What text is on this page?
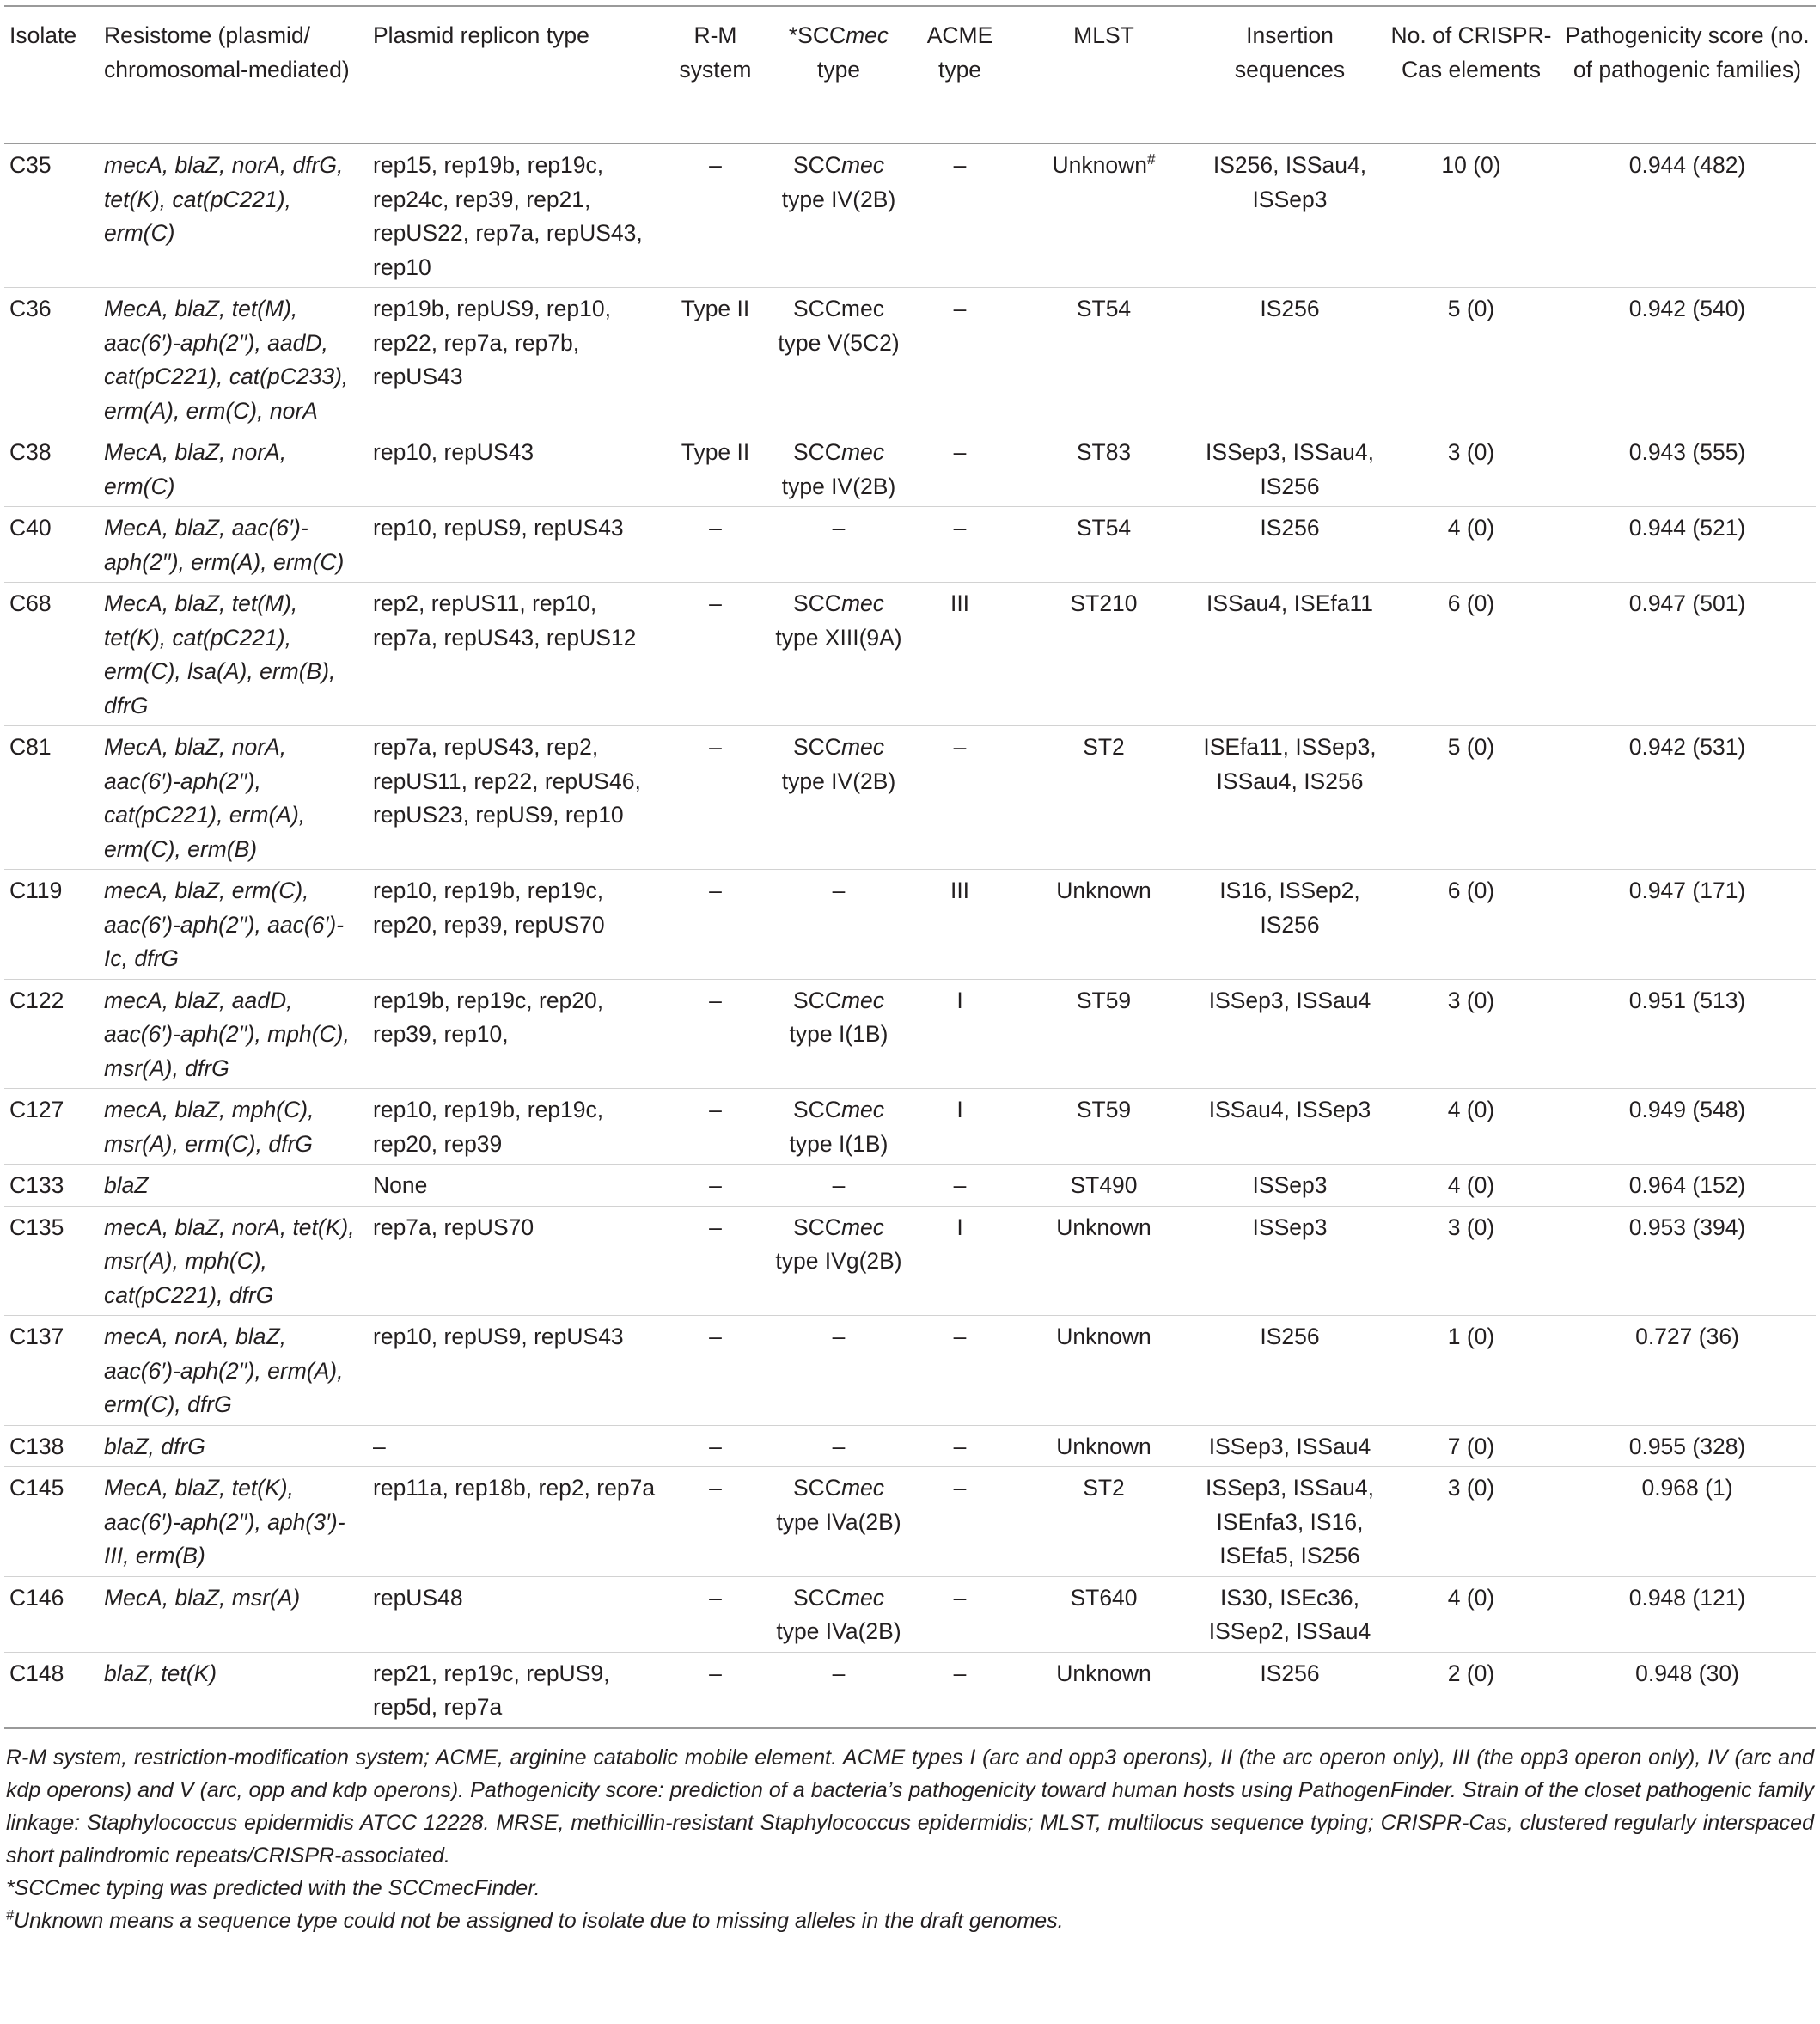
Isolate	Resistome (plasmid/ chromosomal-mediated)	Plasmid replicon type	R-M system	*SCCmec type	ACME type	MLST	Insertion sequences	No. of CRISPR-Cas elements	Pathogenicity score (no. of pathogenic families)
C35	mecA, blaZ, norA, dfrG, tet(K), cat(pC221), erm(C)	rep15, rep19b, rep19c, rep24c, rep39, rep21, repUS22, rep7a, repUS43, rep10	–	SCCmec type IV(2B)	–	Unknown#	IS256, ISSau4, ISSep3	10 (0)	0.944 (482)
C36	MecA, blaZ, tet(M), aac(6′)-aph(2′′), aadD, cat(pC221), cat(pC233), erm(A), erm(C), norA	rep19b, repUS9, rep10, rep22, rep7a, rep7b, repUS43	Type II	SCCmec type V(5C2)	–	ST54	IS256	5 (0)	0.942 (540)
C38	MecA, blaZ, norA, erm(C)	rep10, repUS43	Type II	SCCmec type IV(2B)	–	ST83	ISSep3, ISSau4, IS256	3 (0)	0.943 (555)
C40	MecA, blaZ, aac(6′)-aph(2′′), erm(A), erm(C)	rep10, repUS9, repUS43	–	–	–	ST54	IS256	4 (0)	0.944 (521)
C68	MecA, blaZ, tet(M), tet(K), cat(pC221), erm(C), lsa(A), erm(B), dfrG	rep2, repUS11, rep10, rep7a, repUS43, repUS12	–	SCCmec type XIII(9A)	III	ST210	ISSau4, ISEfa11	6 (0)	0.947 (501)
C81	MecA, blaZ, norA, aac(6′)-aph(2′′), cat(pC221), erm(A), erm(C), erm(B)	rep7a, repUS43, rep2, repUS11, rep22, repUS46, repUS23, repUS9, rep10	–	SCCmec type IV(2B)	–	ST2	ISEfa11, ISSep3, ISSau4, IS256	5 (0)	0.942 (531)
C119	mecA, blaZ, erm(C), aac(6′)-aph(2′′), aac(6′)-Ic, dfrG	rep10, rep19b, rep19c, rep20, rep39, repUS70	–	–	III	Unknown	IS16, ISSep2, IS256	6 (0)	0.947 (171)
C122	mecA, blaZ, aadD, aac(6′)-aph(2′′), mph(C), msr(A), dfrG	rep19b, rep19c, rep20, rep39, rep10,	–	SCCmec type I(1B)	I	ST59	ISSep3, ISSau4	3 (0)	0.951 (513)
C127	mecA, blaZ, mph(C), msr(A), erm(C), dfrG	rep10, rep19b, rep19c, rep20, rep39	–	SCCmec type I(1B)	I	ST59	ISSau4, ISSep3	4 (0)	0.949 (548)
C133	blaZ	None	–	–	–	ST490	ISSep3	4 (0)	0.964 (152)
C135	mecA, blaZ, norA, tet(K), msr(A), mph(C), cat(pC221), dfrG	rep7a, repUS70	–	SCCmec type IVg(2B)	I	Unknown	ISSep3	3 (0)	0.953 (394)
C137	mecA, norA, blaZ, aac(6′)-aph(2′′), erm(A), erm(C), dfrG	rep10, repUS9, repUS43	–	–	–	Unknown	IS256	1 (0)	0.727 (36)
C138	blaZ, dfrG	–	–	–	–	Unknown	ISSep3, ISSau4	7 (0)	0.955 (328)
C145	MecA, blaZ, tet(K), aac(6′)-aph(2′′), aph(3′)-III, erm(B)	rep11a, rep18b, rep2, rep7a	–	SCCmec type IVa(2B)	–	ST2	ISSep3, ISSau4, ISEnfa3, IS16, ISEfa5, IS256	3 (0)	0.968 (1)
C146	MecA, blaZ, msr(A)	repUS48	–	SCCmec type IVa(2B)	–	ST640	IS30, ISEc36, ISSep2, ISSau4	4 (0)	0.948 (121)
C148	blaZ, tet(K)	rep21, rep19c, repUS9, rep5d, rep7a	–	–	–	Unknown	IS256	2 (0)	0.948 (30)

R-M system, restriction-modification system; ACME, arginine catabolic mobile element. ACME types I (arc and opp3 operons), II (the arc operon only), III (the opp3 operon only), IV (arc and kdp operons) and V (arc, opp and kdp operons). Pathogenicity score: prediction of a bacteria’s pathogenicity toward human hosts using PathogenFinder. Strain of the closet pathogenic family linkage: Staphylococcus epidermidis ATCC 12228. MRSE, methicillin-resistant Staphylococcus epidermidis; MLST, multilocus sequence typing; CRISPR-Cas, clustered regularly interspaced short palindromic repeats/CRISPR-associated.

*SCCmec typing was predicted with the SCCmecFinder.

#Unknown means a sequence type could not be assigned to isolate due to missing alleles in the draft genomes.
